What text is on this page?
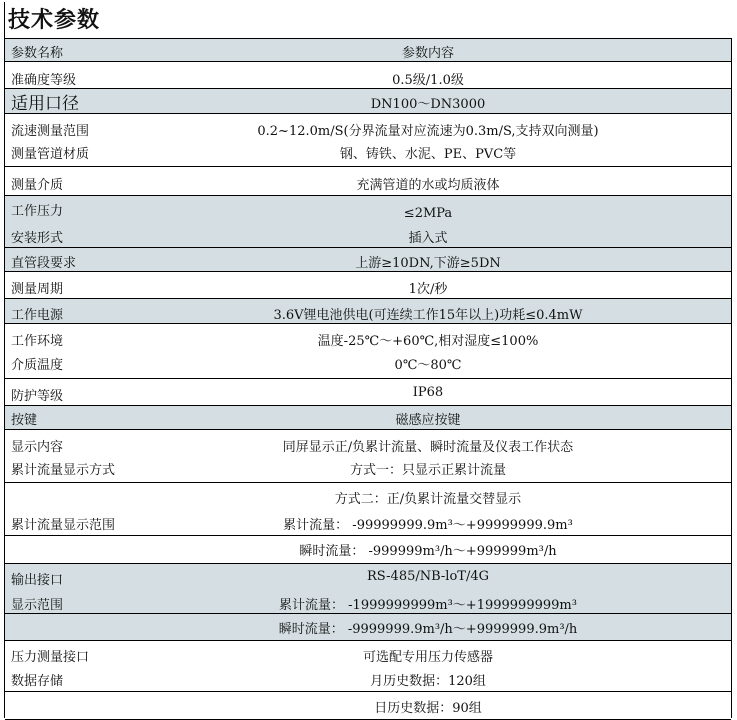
技术参数
参数名称	参数内容
准确度等级	0.5级/1.0级
适用口径	DN100～DN3000
流速测量范围	0.2~12.0m/S(分界流量对应流速为0.3m/S,支持双向测量)
测量管道材质	钢、铸铁、水泥、PE、PVC等
测量介质	充满管道的水或均质液体
工作压力	≤2MPa
安装形式	插入式
直管段要求	上游≥10DN,下游≥5DN
测量周期	1次/秒
工作电源	3.6V锂电池供电(可连续工作15年以上)功耗≤0.4mW
工作环境	温度-25℃～+60℃,相对湿度≤100%
介质温度	0℃～80℃
防护等级	IP68
按键	磁感应按键
显示内容	同屏显示正/负累计流量、瞬时流量及仪表工作状态
累计流量显示方式	方式一：只显示正累计流量
方式二：正/负累计流量交替显示
累计流量显示范围	累计流量： -99999999.9m³～+99999999.9m³
瞬时流量： -999999m³/h～+999999m³/h
输出接口	RS-485/NB-loT/4G
显示范围	累计流量： -1999999999m³～+1999999999m³
瞬时流量： -9999999.9m³/h～+9999999.9m³/h
压力测量接口	可选配专用压力传感器
数据存储	月历史数据：120组
日历史数据：90组
